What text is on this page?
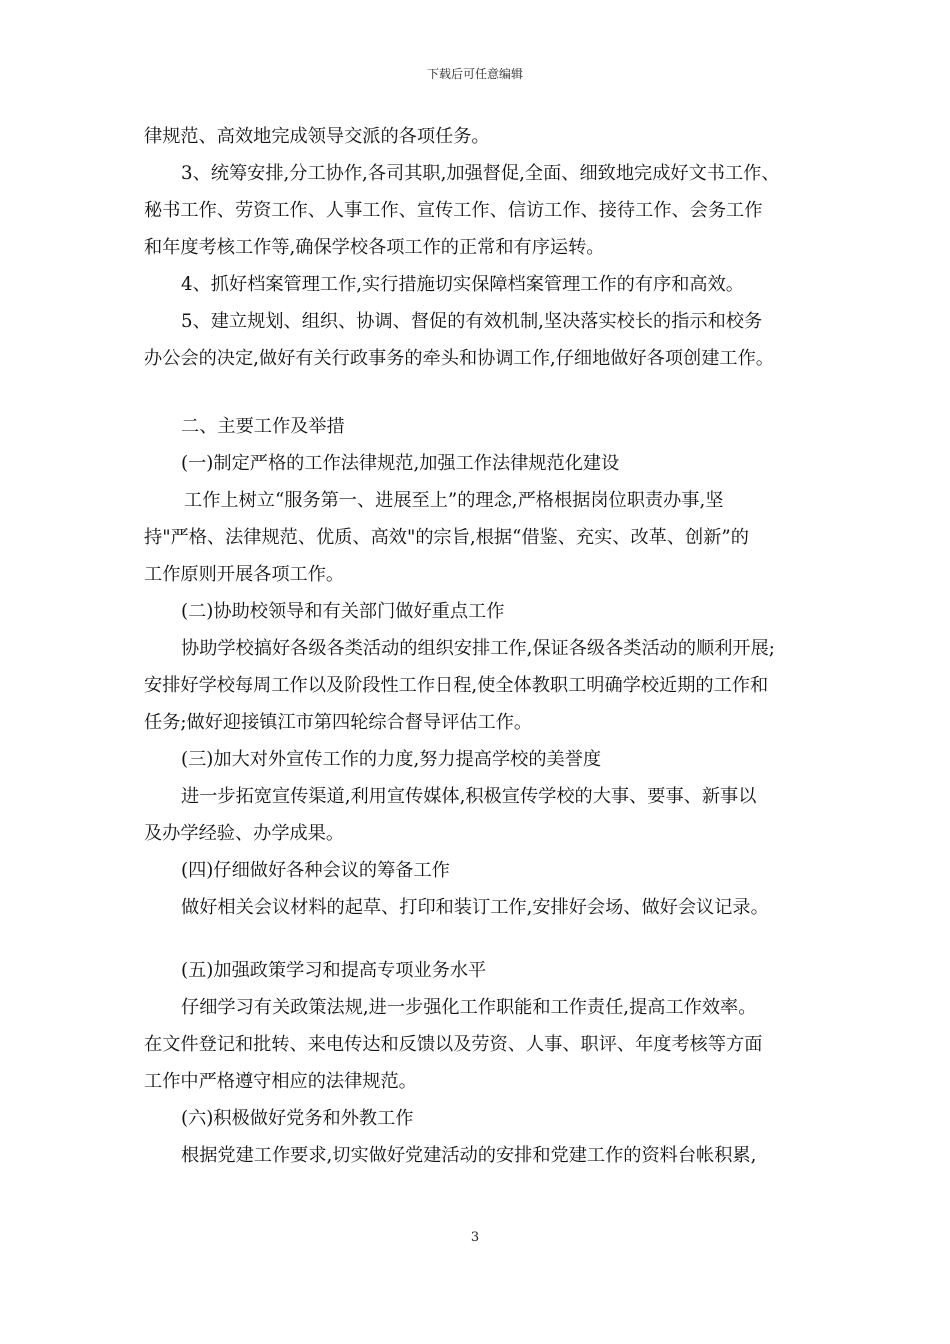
下载后可任意编辑
律规范、高效地完成领导交派的各项任务。
3、统筹安排,分工协作,各司其职,加强督促,全面、细致地完成好文书工作、
秘书工作、劳资工作、人事工作、宣传工作、信访工作、接待工作、会务工作
和年度考核工作等,确保学校各项工作的正常和有序运转。
4、抓好档案管理工作,实行措施切实保障档案管理工作的有序和高效。
5、建立规划、组织、协调、督促的有效机制,坚决落实校长的指示和校务
办公会的决定,做好有关行政事务的牵头和协调工作,仔细地做好各项创建工作。
二、主要工作及举措
(一)制定严格的工作法律规范,加强工作法律规范化建设
工作上树立“服务第一、进展至上”的理念,严格根据岗位职责办事,坚
持"严格、法律规范、优质、高效"的宗旨,根据“借鉴、充实、改革、创新”的
工作原则开展各项工作。
(二)协助校领导和有关部门做好重点工作
协助学校搞好各级各类活动的组织安排工作,保证各级各类活动的顺利开展;
安排好学校每周工作以及阶段性工作日程,使全体教职工明确学校近期的工作和
任务;做好迎接镇江市第四轮综合督导评估工作。
(三)加大对外宣传工作的力度,努力提高学校的美誉度
进一步拓宽宣传渠道,利用宣传媒体,积极宣传学校的大事、要事、新事以
及办学经验、办学成果。
(四)仔细做好各种会议的筹备工作
做好相关会议材料的起草、打印和装订工作,安排好会场、做好会议记录。
(五)加强政策学习和提高专项业务水平
仔细学习有关政策法规,进一步强化工作职能和工作责任,提高工作效率。
在文件登记和批转、来电传达和反馈以及劳资、人事、职评、年度考核等方面
工作中严格遵守相应的法律规范。
(六)积极做好党务和外教工作
根据党建工作要求,切实做好党建活动的安排和党建工作的资料台帐积累,
3
